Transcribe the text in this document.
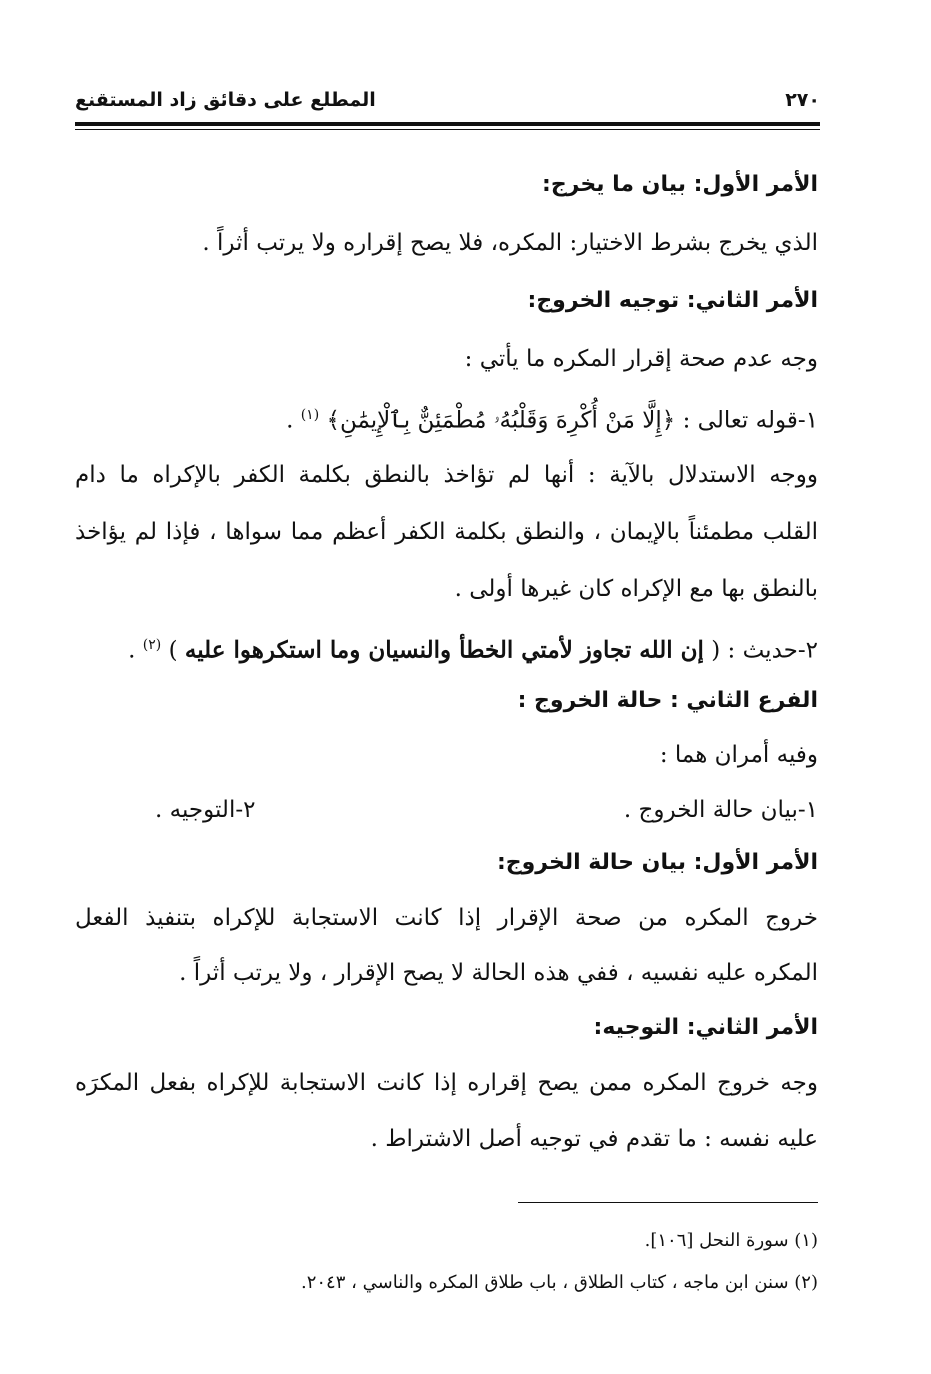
٢٧٠
المطلع على دقائق زاد المستقنع
الأمر الأول: بيان ما يخرج:
الذي يخرج بشرط الاختيار: المكره، فلا يصح إقراره ولا يرتب أثراً .
الأمر الثاني: توجيه الخروج:
وجه عدم صحة إقرار المكره ما يأتي :
١-قوله تعالى : ﴿إِلَّا مَنْ أُكْرِهَ وَقَلْبُهُۥ مُطْمَئِنٌّ بِٱلْإِيمَٰنِ﴾ $^{(١)}$ .
ووجه الاستدلال بالآية : أنها لم تؤاخذ بالنطق بكلمة الكفر بالإكراه ما دام
القلب مطمئناً بالإيمان ، والنطق بكلمة الكفر أعظم مما سواها ، فإذا لم يؤاخذ
بالنطق بها مع الإكراه كان غيرها أولى .
٢-حديث : ( إن الله تجاوز لأمتي الخطأ والنسيان وما استكرهوا عليه ) $^{(٢)}$ .
الفرع الثاني : حالة الخروج :
وفيه أمران هما :
١-بيان حالة الخروج .
٢-التوجيه .
الأمر الأول: بيان حالة الخروج:
خروج المكره من صحة الإقرار إذا كانت الاستجابة للإكراه بتنفيذ الفعل
المكره عليه نفسيه ، ففي هذه الحالة لا يصح الإقرار ، ولا يرتب أثراً .
الأمر الثاني: التوجيه:
وجه خروج المكره ممن يصح إقراره إذا كانت الاستجابة للإكراه بفعل المكرَه
عليه نفسه : ما تقدم في توجيه أصل الاشتراط .
(١) سورة النحل [١٠٦].
(٢) سنن ابن ماجه ، كتاب الطلاق ، باب طلاق المكره والناسي ، ٢٠٤٣.
